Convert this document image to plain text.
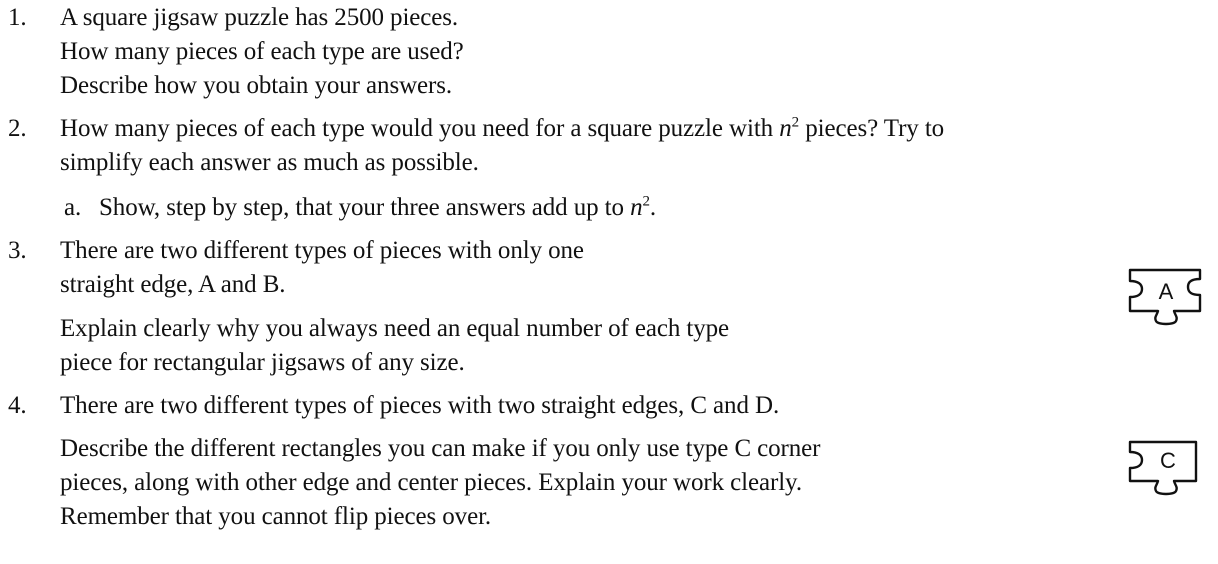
1. A square jigsaw puzzle has 2500 pieces.
How many pieces of each type are used?
Describe how you obtain your answers.
2. How many pieces of each type would you need for a square puzzle with $n^2$ pieces? Try to
simplify each answer as much as possible.
a. Show, step by step, that your three answers add up to $n^2$.
3. There are two different types of pieces with only one
straight edge, A and B.
Explain clearly why you always need an equal number of each type
piece for rectangular jigsaws of any size.
4. There are two different types of pieces with two straight edges, C and D.
Describe the different rectangles you can make if you only use type C corner
pieces, along with other edge and center pieces. Explain your work clearly.
Remember that you cannot flip pieces over.
A
C
